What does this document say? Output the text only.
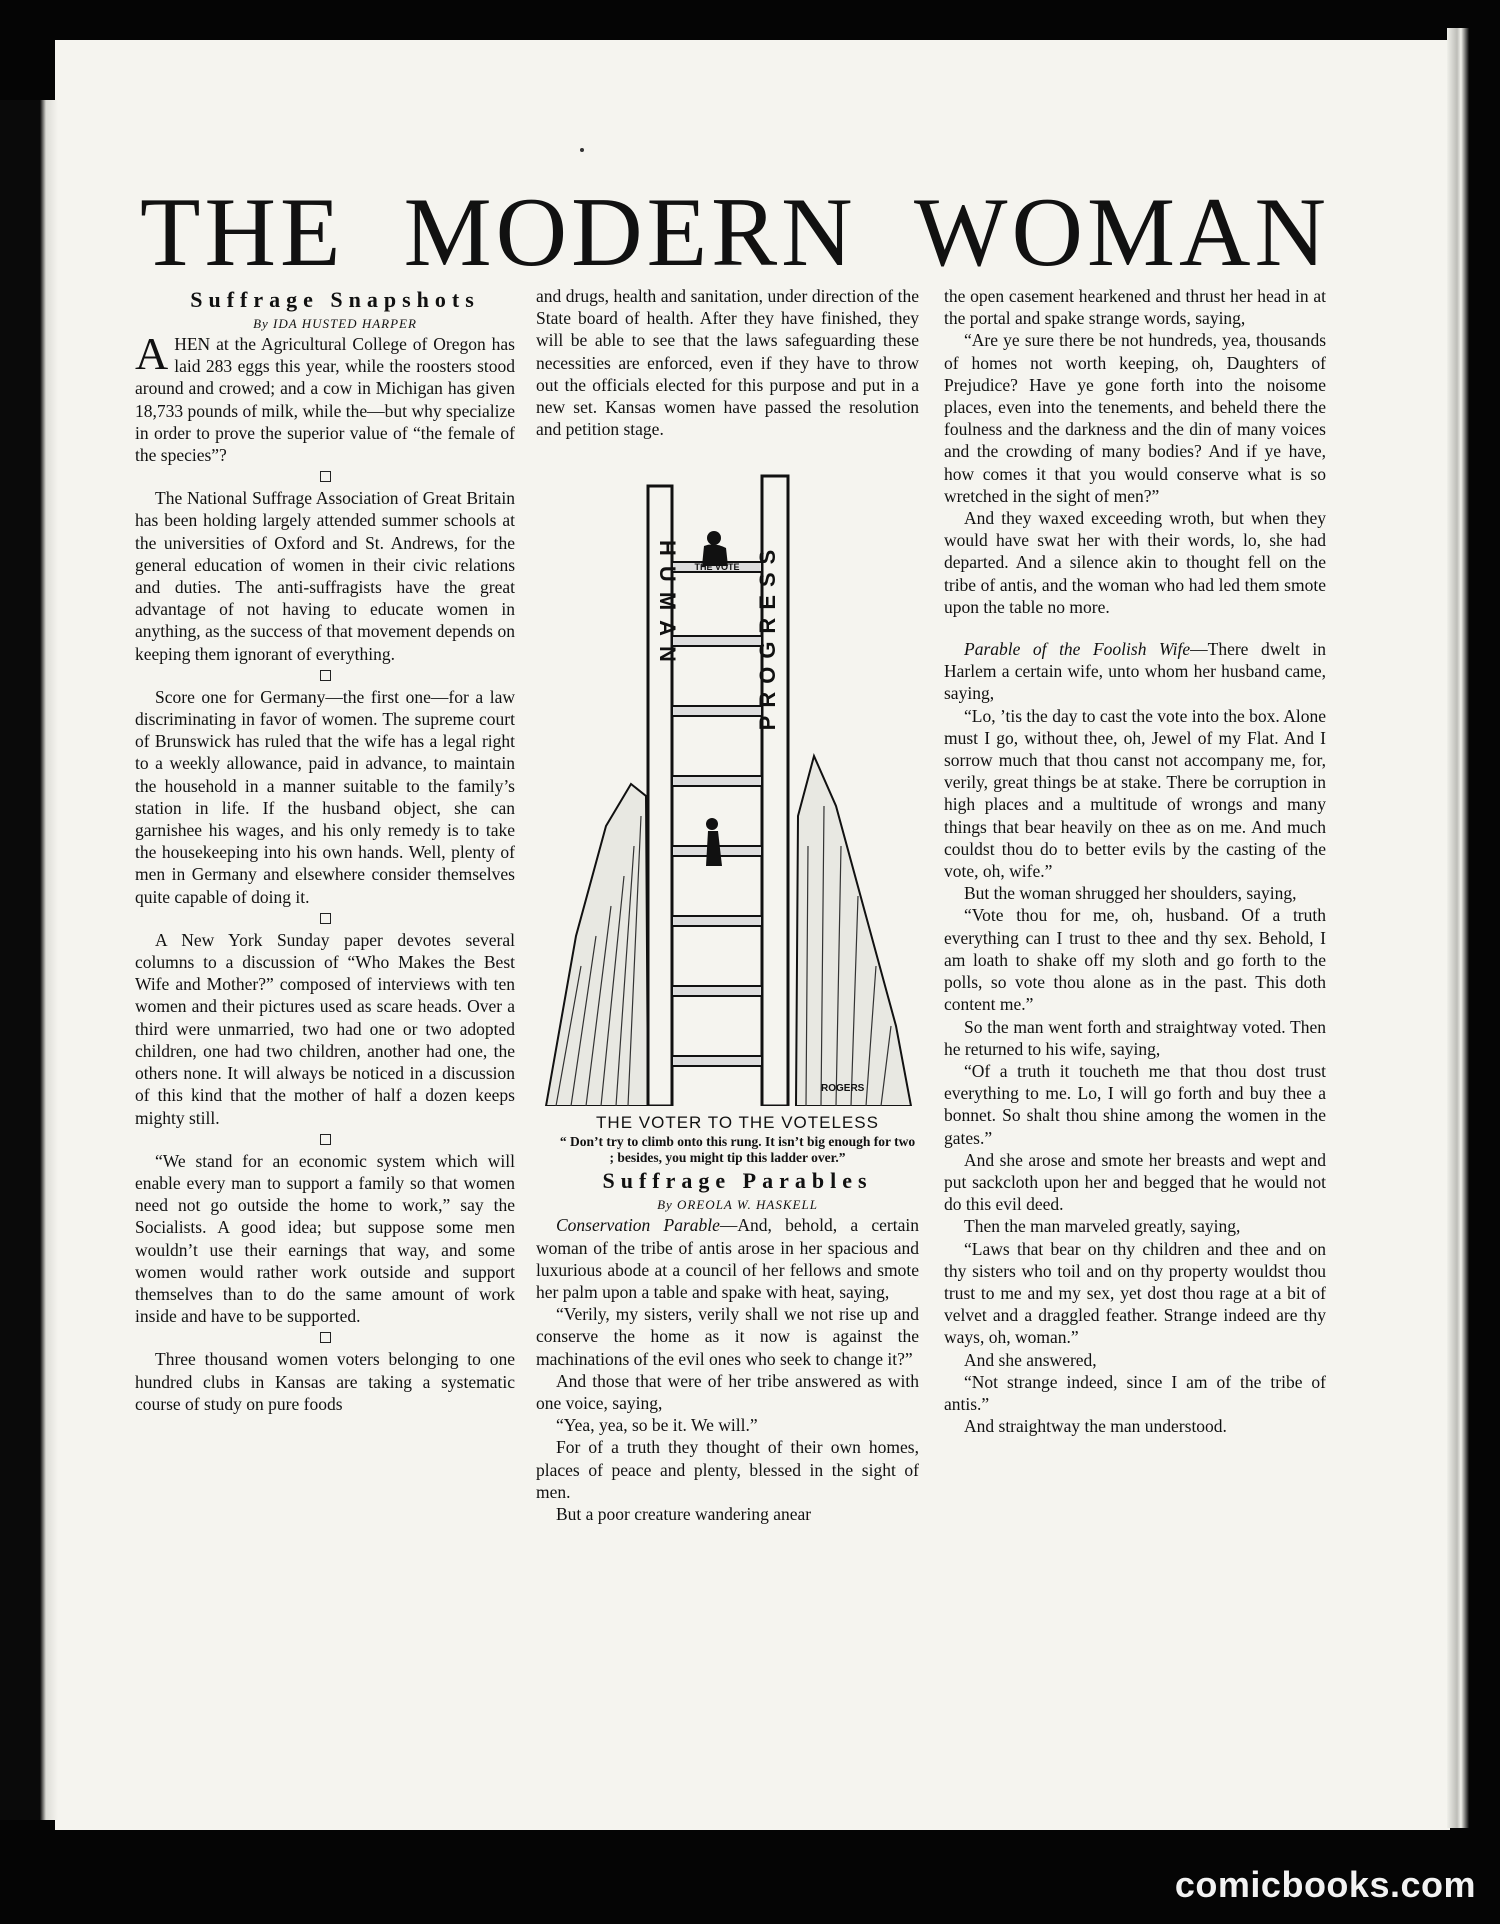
THE MODERN WOMAN

Suffrage Snapshots

By IDA HUSTED HARPER

AHEN at the Agricultural College of Oregon has laid 283 eggs this year, while the roosters stood around and crowed; and a cow in Michigan has given 18,733 pounds of milk, while the—but why specialize in order to prove the superior value of “the female of the species”?

The National Suffrage Association of Great Britain has been holding largely attended summer schools at the universities of Oxford and St. Andrews, for the general education of women in their civic relations and duties. The anti-suffragists have the great advantage of not having to educate women in anything, as the success of that movement depends on keeping them ignorant of everything.

Score one for Germany—the first one—for a law discriminating in favor of women. The supreme court of Brunswick has ruled that the wife has a legal right to a weekly allowance, paid in advance, to maintain the household in a manner suitable to the family’s station in life. If the husband object, she can garnishee his wages, and his only remedy is to take the housekeeping into his own hands. Well, plenty of men in Germany and elsewhere consider themselves quite capable of doing it.

A New York Sunday paper devotes several columns to a discussion of “Who Makes the Best Wife and Mother?” composed of interviews with ten women and their pictures used as scare heads. Over a third were unmarried, two had one or two adopted children, one had two children, another had one, the others none. It will always be noticed in a discussion of this kind that the mother of half a dozen keeps mighty still.

“We stand for an economic system which will enable every man to support a family so that women need not go outside the home to work,” say the Socialists. A good idea; but suppose some men wouldn’t use their earnings that way, and some women would rather work outside and support themselves than to do the same amount of work inside and have to be supported.

Three thousand women voters belonging to one hundred clubs in Kansas are taking a systematic course of study on pure foods

and drugs, health and sanitation, under direction of the State board of health. After they have finished, they will be able to see that the laws safeguarding these necessities are enforced, even if they have to throw out the officials elected for this purpose and put in a new set. Kansas women have passed the resolution and petition stage.

HUMAN	PROGRESS
THE VOTE
ROGERS

THE VOTER TO THE VOTELESS

“ Don’t try to climb onto this rung. It isn’t big enough for two ; besides, you might tip this ladder over.”

Suffrage Parables

By OREOLA W. HASKELL

Conservation Parable—And, behold, a certain woman of the tribe of antis arose in her spacious and luxurious abode at a council of her fellows and smote her palm upon a table and spake with heat, saying,

“Verily, my sisters, verily shall we not rise up and conserve the home as it now is against the machinations of the evil ones who seek to change it?”

And those that were of her tribe answered as with one voice, saying,

“Yea, yea, so be it. We will.”

For of a truth they thought of their own homes, places of peace and plenty, blessed in the sight of men.

But a poor creature wandering anear

the open casement hearkened and thrust her head in at the portal and spake strange words, saying,

“Are ye sure there be not hundreds, yea, thousands of homes not worth keeping, oh, Daughters of Prejudice? Have ye gone forth into the noisome places, even into the tenements, and beheld there the foulness and the darkness and the din of many voices and the crowding of many bodies? And if ye have, how comes it that you would conserve what is so wretched in the sight of men?”

And they waxed exceeding wroth, but when they would have swat her with their words, lo, she had departed. And a silence akin to thought fell on the tribe of antis, and the woman who had led them smote upon the table no more.

Parable of the Foolish Wife—There dwelt in Harlem a certain wife, unto whom her husband came, saying,

“Lo, ’tis the day to cast the vote into the box. Alone must I go, without thee, oh, Jewel of my Flat. And I sorrow much that thou canst not accompany me, for, verily, great things be at stake. There be corruption in high places and a multitude of wrongs and many things that bear heavily on thee as on me. And much couldst thou do to better evils by the casting of the vote, oh, wife.”

But the woman shrugged her shoulders, saying,

“Vote thou for me, oh, husband. Of a truth everything can I trust to thee and thy sex. Behold, I am loath to shake off my sloth and go forth to the polls, so vote thou alone as in the past. This doth content me.”

So the man went forth and straightway voted. Then he returned to his wife, saying,

“Of a truth it toucheth me that thou dost trust everything to me. Lo, I will go forth and buy thee a bonnet. So shalt thou shine among the women in the gates.”

And she arose and smote her breasts and wept and put sackcloth upon her and begged that he would not do this evil deed.

Then the man marveled greatly, saying,

“Laws that bear on thy children and thee and on thy sisters who toil and on thy property wouldst thou trust to me and my sex, yet dost thou rage at a bit of velvet and a draggled feather. Strange indeed are thy ways, oh, woman.”

And she answered,

“Not strange indeed, since I am of the tribe of antis.”

And straightway the man understood.

comicbooks.com
